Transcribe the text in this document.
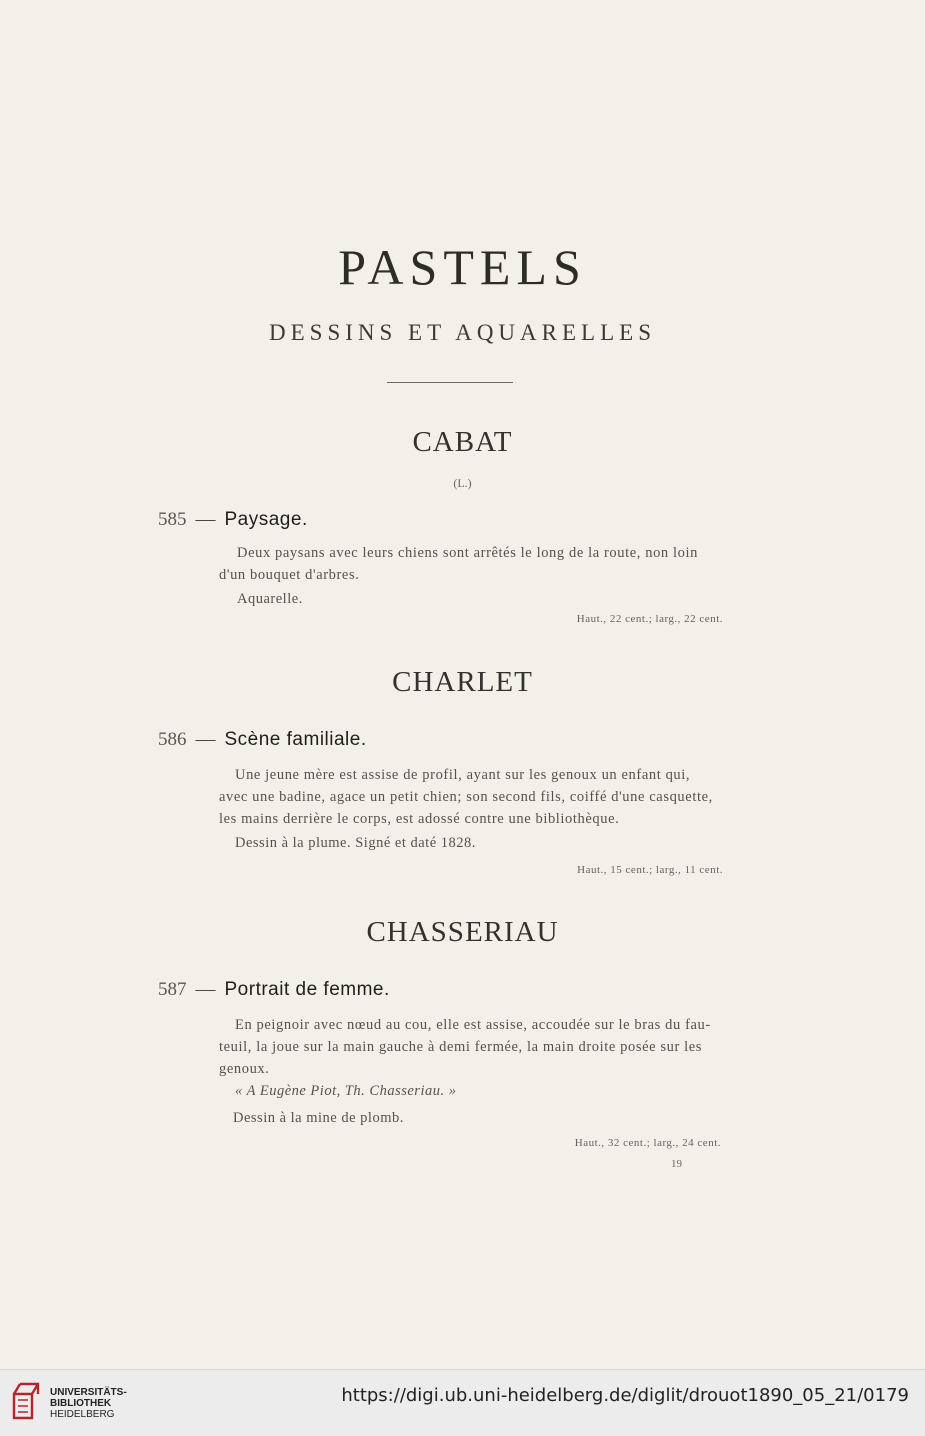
PASTELS
DESSINS ET AQUARELLES
CABAT
(L.)
585 — Paysage.
Deux paysans avec leurs chiens sont arrêtés le long de la route, non loin
d'un bouquet d'arbres.
Aquarelle.
Haut., 22 cent.; larg., 22 cent.
CHARLET
586 — Scène familiale.
Une jeune mère est assise de profil, ayant sur les genoux un enfant qui,
avec une badine, agace un petit chien; son second fils, coiffé d'une casquette,
les mains derrière le corps, est adossé contre une bibliothèque.
Dessin à la plume. Signé et daté 1828.
Haut., 15 cent.; larg., 11 cent.
CHASSERIAU
587 — Portrait de femme.
En peignoir avec nœud au cou, elle est assise, accoudée sur le bras du fau-
teuil, la joue sur la main gauche à demi fermée, la main droite posée sur les
genoux.
« A Eugène Piot, Th. Chasseriau. »
Dessin à la mine de plomb.
Haut., 32 cent.; larg., 24 cent.
19
UNIVERSITÄTS-
BIBLIOTHEK
HEIDELBERG
https://digi.ub.uni-heidelberg.de/diglit/drouot1890_05_21/0179
